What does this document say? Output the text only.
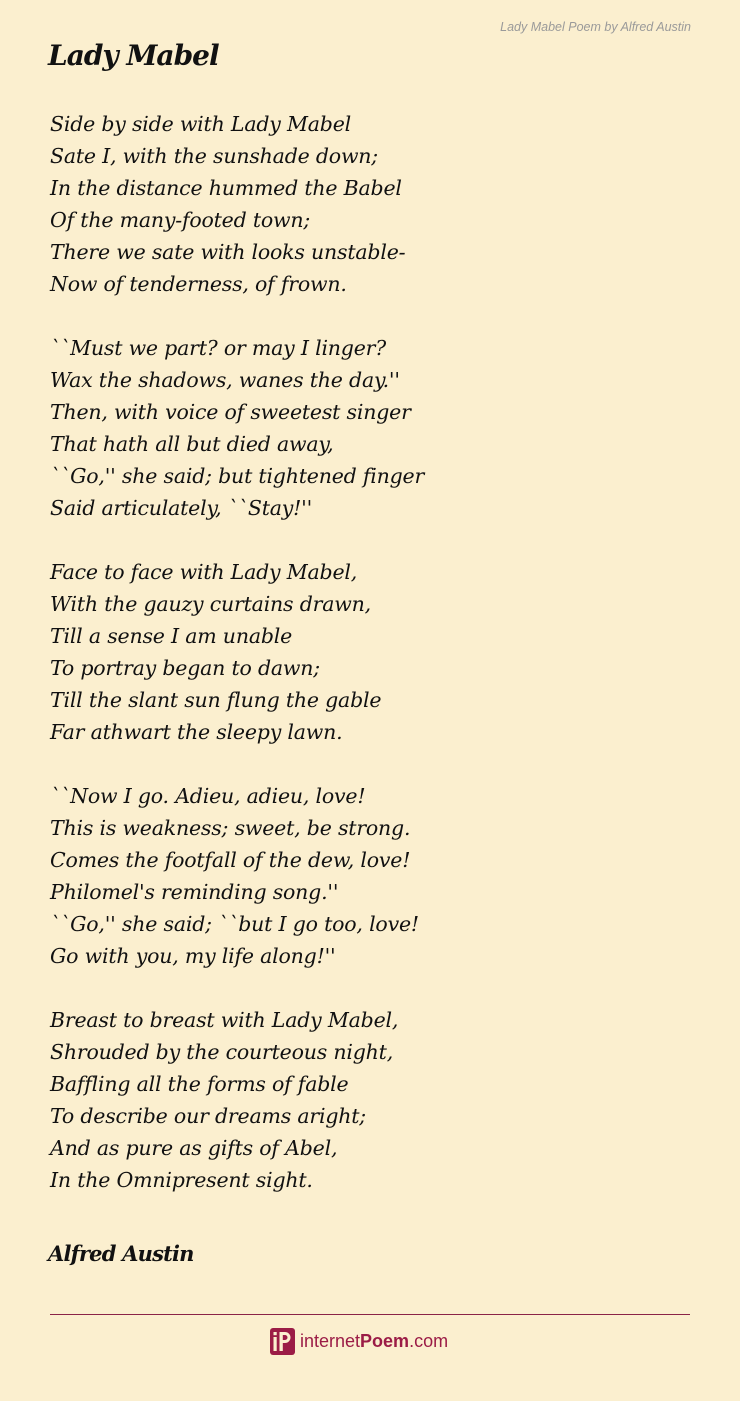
Lady Mabel Poem by Alfred Austin
Lady Mabel
Side by side with Lady Mabel
Sate I, with the sunshade down;
In the distance hummed the Babel
Of the many-footed town;
There we sate with looks unstable-
Now of tenderness, of frown.
``Must we part? or may I linger?
Wax the shadows, wanes the day.''
Then, with voice of sweetest singer
That hath all but died away,
``Go,'' she said; but tightened finger
Said articulately, ``Stay!''
Face to face with Lady Mabel,
With the gauzy curtains drawn,
Till a sense I am unable
To portray began to dawn;
Till the slant sun flung the gable
Far athwart the sleepy lawn.
``Now I go. Adieu, adieu, love!
This is weakness; sweet, be strong.
Comes the footfall of the dew, love!
Philomel's reminding song.''
``Go,'' she said; ``but I go too, love!
Go with you, my life along!''
Breast to breast with Lady Mabel,
Shrouded by the courteous night,
Baffling all the forms of fable
To describe our dreams aright;
And as pure as gifts of Abel,
In the Omnipresent sight.
Alfred Austin
internetPoem.com
